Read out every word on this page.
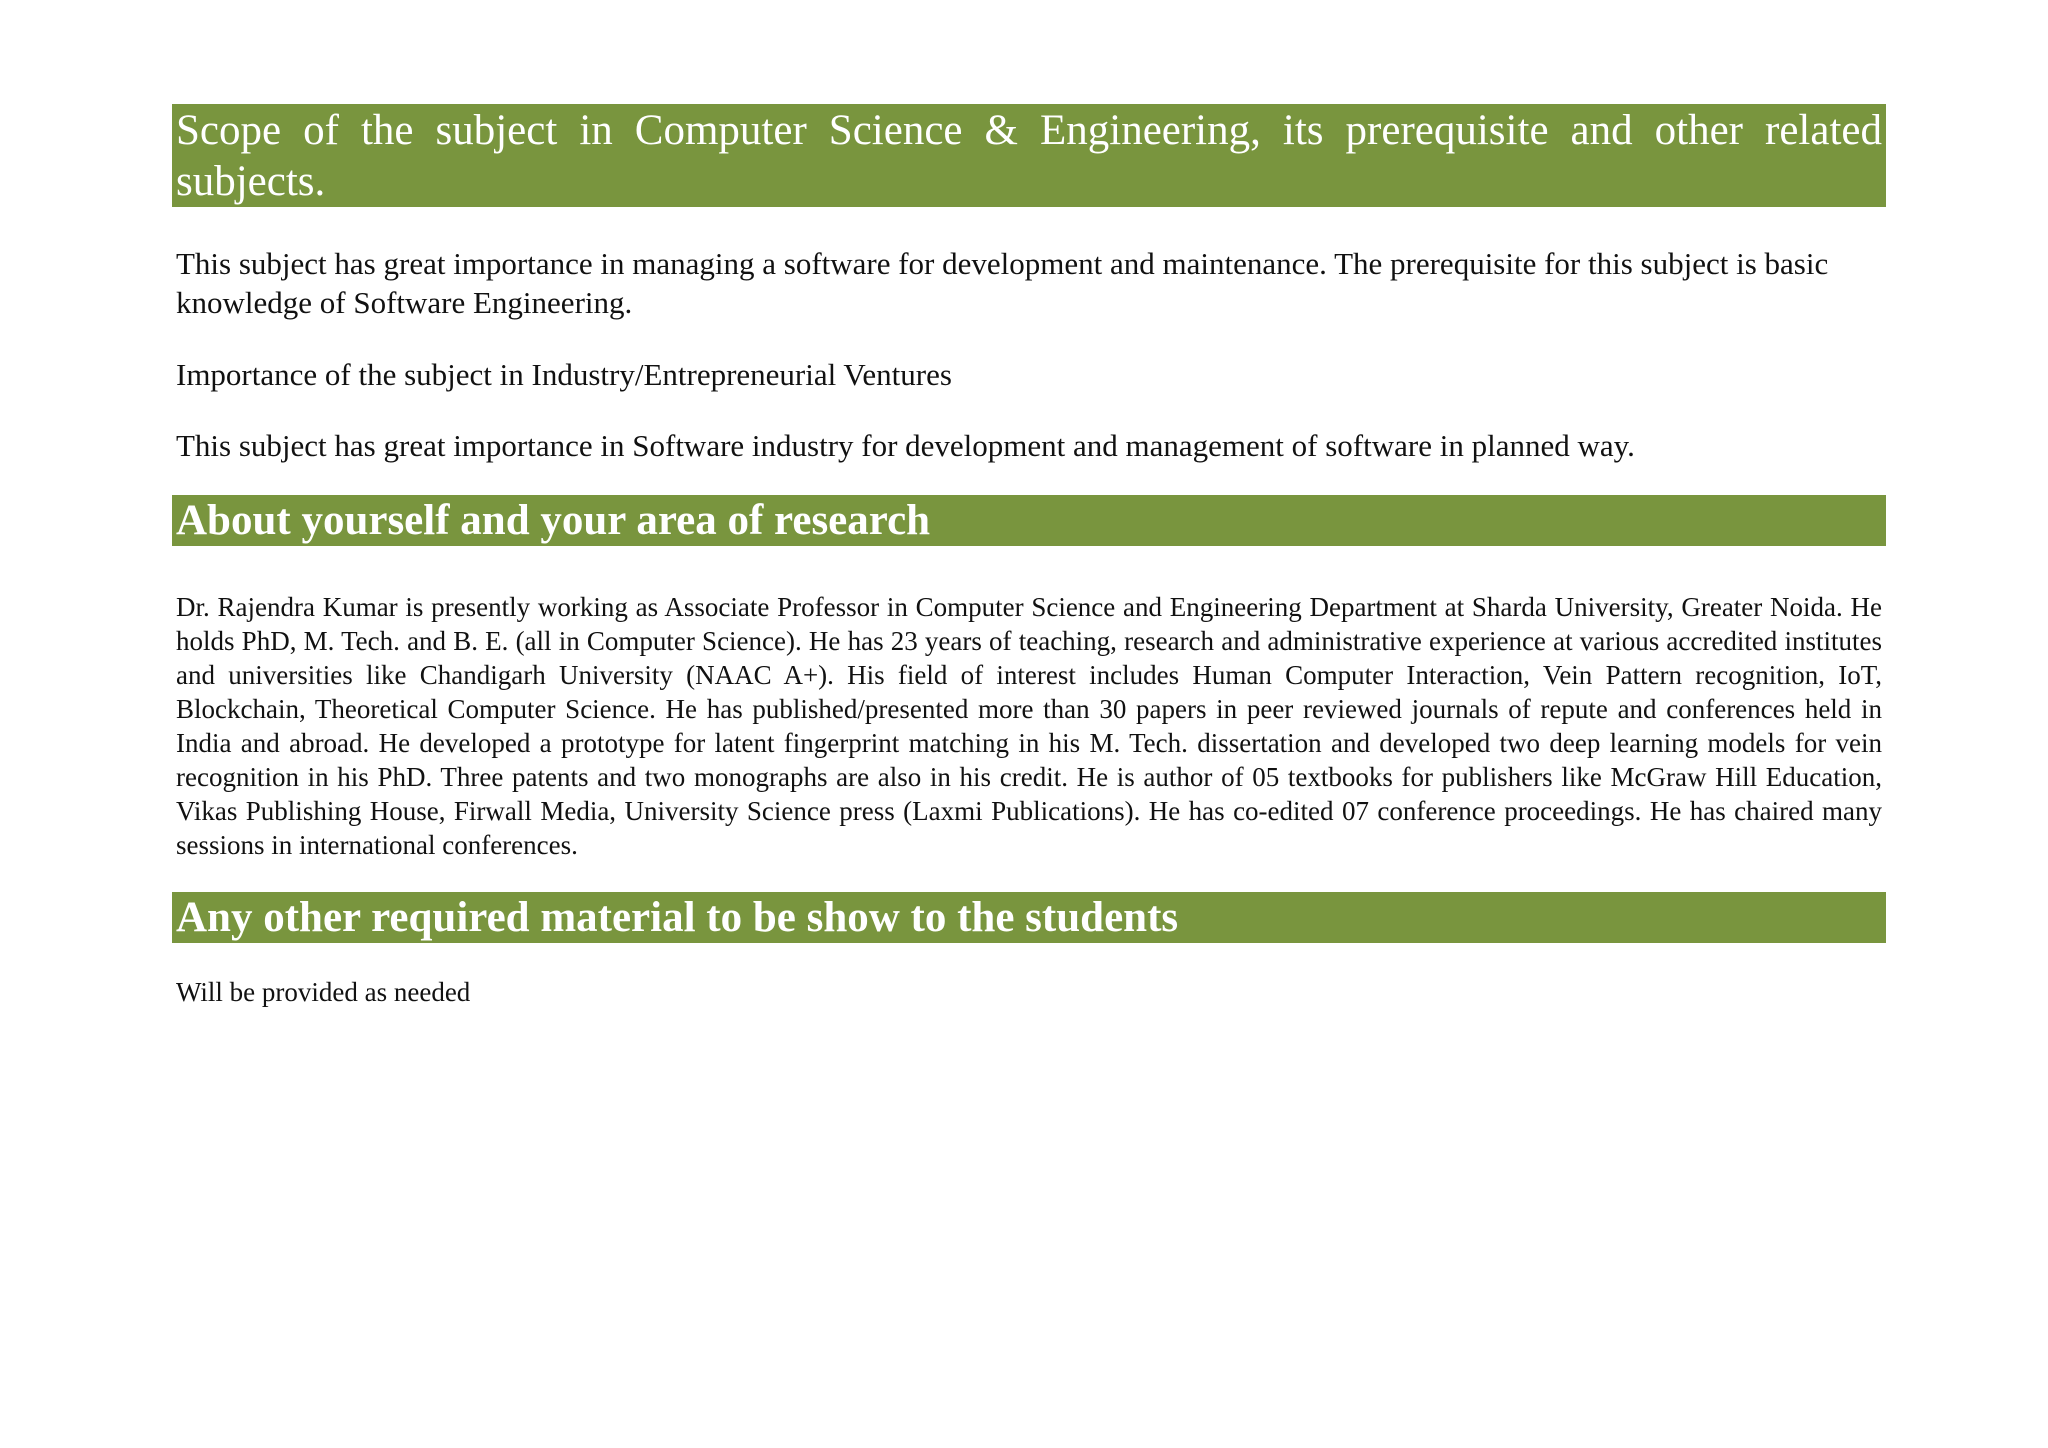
Scope of the subject in Computer Science & Engineering, its prerequisite and other related subjects.

This subject has great importance in managing a software for development and maintenance. The prerequisite for this subject is basic knowledge of Software Engineering.

Importance of the subject in Industry/Entrepreneurial Ventures

This subject has great importance in Software industry for development and management of software in planned way.

About yourself and your area of research

Dr. Rajendra Kumar is presently working as Associate Professor in Computer Science and Engineering Department at Sharda University, Greater Noida. He holds PhD, M. Tech. and B. E. (all in Computer Science). He has 23 years of teaching, research and administrative experience at various accredited institutes and universities like Chandigarh University (NAAC A+). His field of interest includes Human Computer Interaction, Vein Pattern recognition, IoT, Blockchain, Theoretical Computer Science. He has published/presented more than 30 papers in peer reviewed journals of repute and conferences held in India and abroad. He developed a prototype for latent fingerprint matching in his M. Tech. dissertation and developed two deep learning models for vein recognition in his PhD. Three patents and two monographs are also in his credit. He is author of 05 textbooks for publishers like McGraw Hill Education, Vikas Publishing House, Firwall Media, University Science press (Laxmi Publications). He has co-edited 07 conference proceedings. He has chaired many sessions in international conferences.

Any other required material to be show to the students

Will be provided as needed
